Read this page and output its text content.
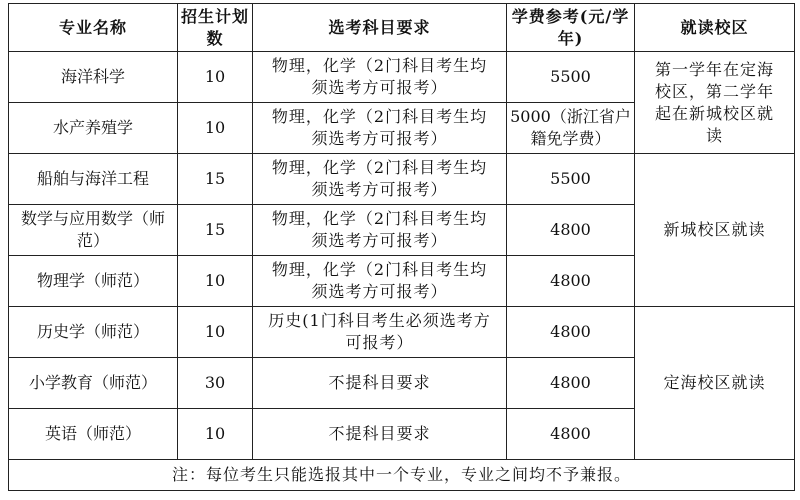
专业名称	招生计划数	选考科目要求	学费参考(元/学年)	就读校区
海洋科学	10	物理，化学（2门科目考生均须选考方可报考）	5500	第一学年在定海校区，第二学年起在新城校区就读
水产养殖学	10	物理，化学（2门科目考生均须选考方可报考）	5000（浙江省户籍免学费）	
船舶与海洋工程	15	物理，化学（2门科目考生均须选考方可报考）	5500	新城校区就读
数学与应用数学（师范）	15	物理，化学（2门科目考生均须选考方可报考）	4800	
物理学（师范）	10	物理，化学（2门科目考生均须选考方可报考）	4800	
历史学（师范）	10	历史(1门科目考生必须选考方可报考）	4800	定海校区就读
小学教育（师范）	30	不提科目要求	4800	
英语（师范）	10	不提科目要求	4800	
注：每位考生只能选报其中一个专业，专业之间均不予兼报。				
